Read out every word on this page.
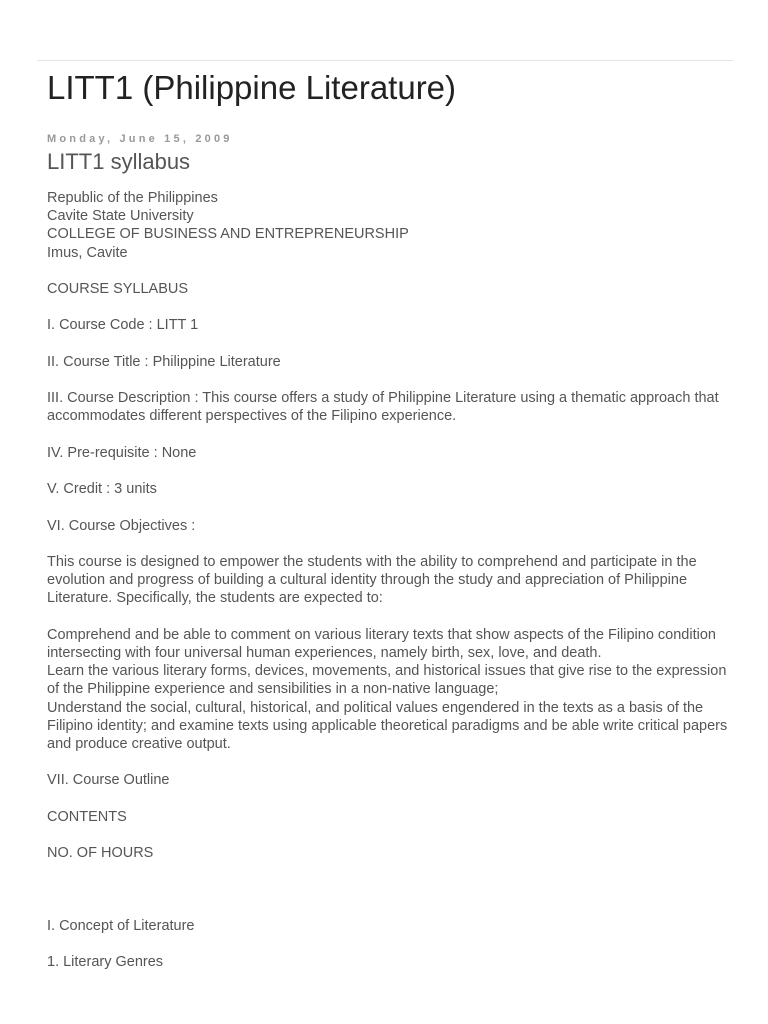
LITT1 (Philippine Literature)
Monday, June 15, 2009
LITT1 syllabus

Republic of the Philippines
Cavite State University
COLLEGE OF BUSINESS AND ENTREPRENEURSHIP
Imus, Cavite

COURSE SYLLABUS

I. Course Code : LITT 1

II. Course Title : Philippine Literature

III. Course Description : This course offers a study of Philippine Literature using a thematic approach that accommodates different perspectives of the Filipino experience.

IV. Pre-requisite : None

V. Credit : 3 units

VI. Course Objectives :

This course is designed to empower the students with the ability to comprehend and participate in the evolution and progress of building a cultural identity through the study and appreciation of Philippine Literature. Specifically, the students are expected to:

Comprehend and be able to comment on various literary texts that show aspects of the Filipino condition intersecting with four universal human experiences, namely birth, sex, love, and death.
Learn the various literary forms, devices, movements, and historical issues that give rise to the expression of the Philippine experience and sensibilities in a non-native language;
Understand the social, cultural, historical, and political values engendered in the texts as a basis of the Filipino identity; and examine texts using applicable theoretical paradigms and be able write critical papers and produce creative output.

VII. Course Outline

CONTENTS

NO. OF HOURS

I. Concept of Literature

1. Literary Genres
